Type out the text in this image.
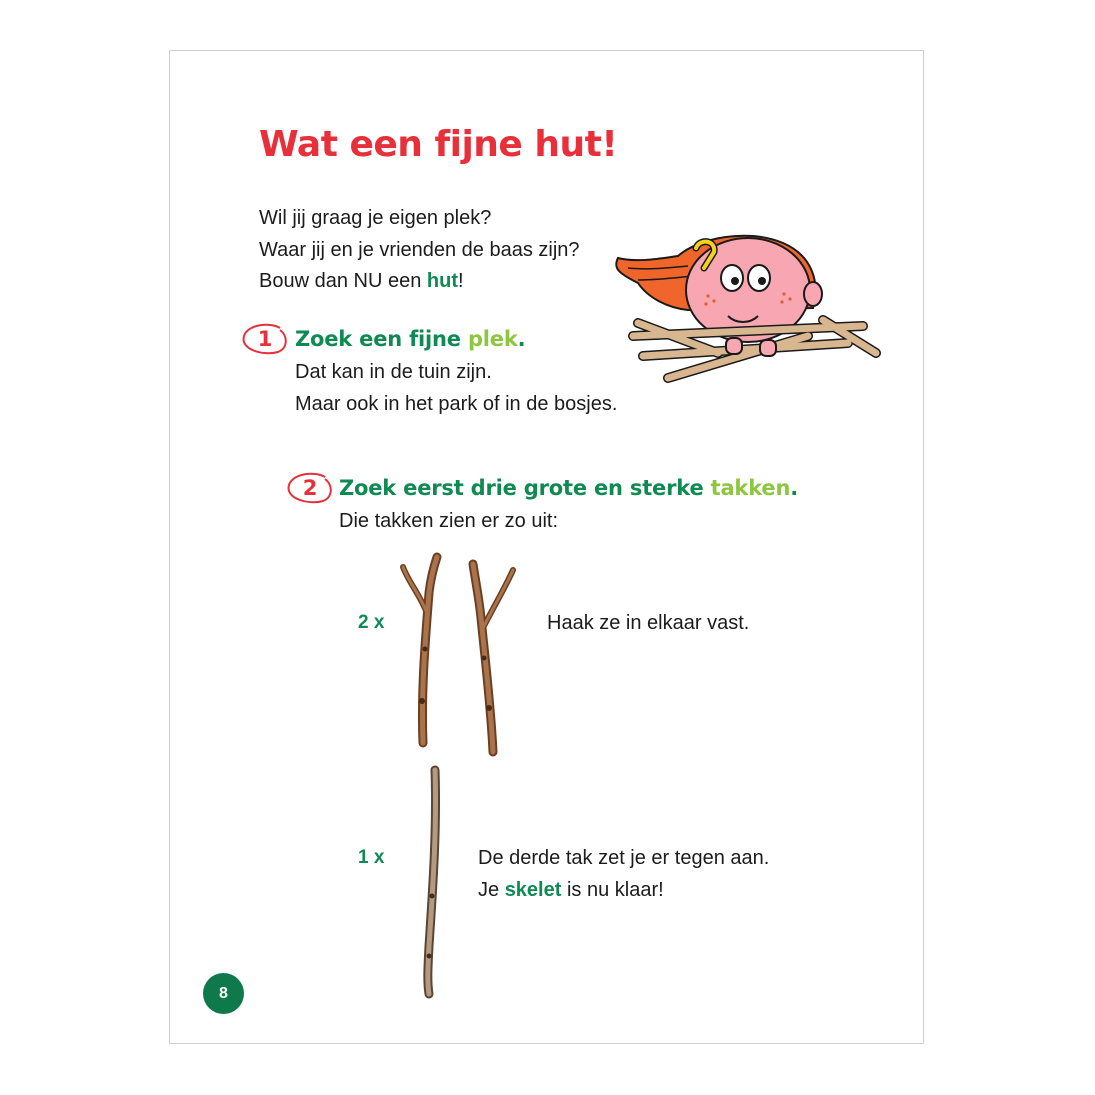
Wat een fijne hut!
Wil jij graag je eigen plek?
Waar jij en je vrienden de baas zijn?
Bouw dan NU een hut!
1	Zoek een fijne plek.
Dat kan in de tuin zijn.
Maar ook in het park of in de bosjes.
2	Zoek eerst drie grote en sterke takken.
Die takken zien er zo uit:
2 x	Haak ze in elkaar vast.
1 x	De derde tak zet je er tegen aan.
Je skelet is nu klaar!
8
